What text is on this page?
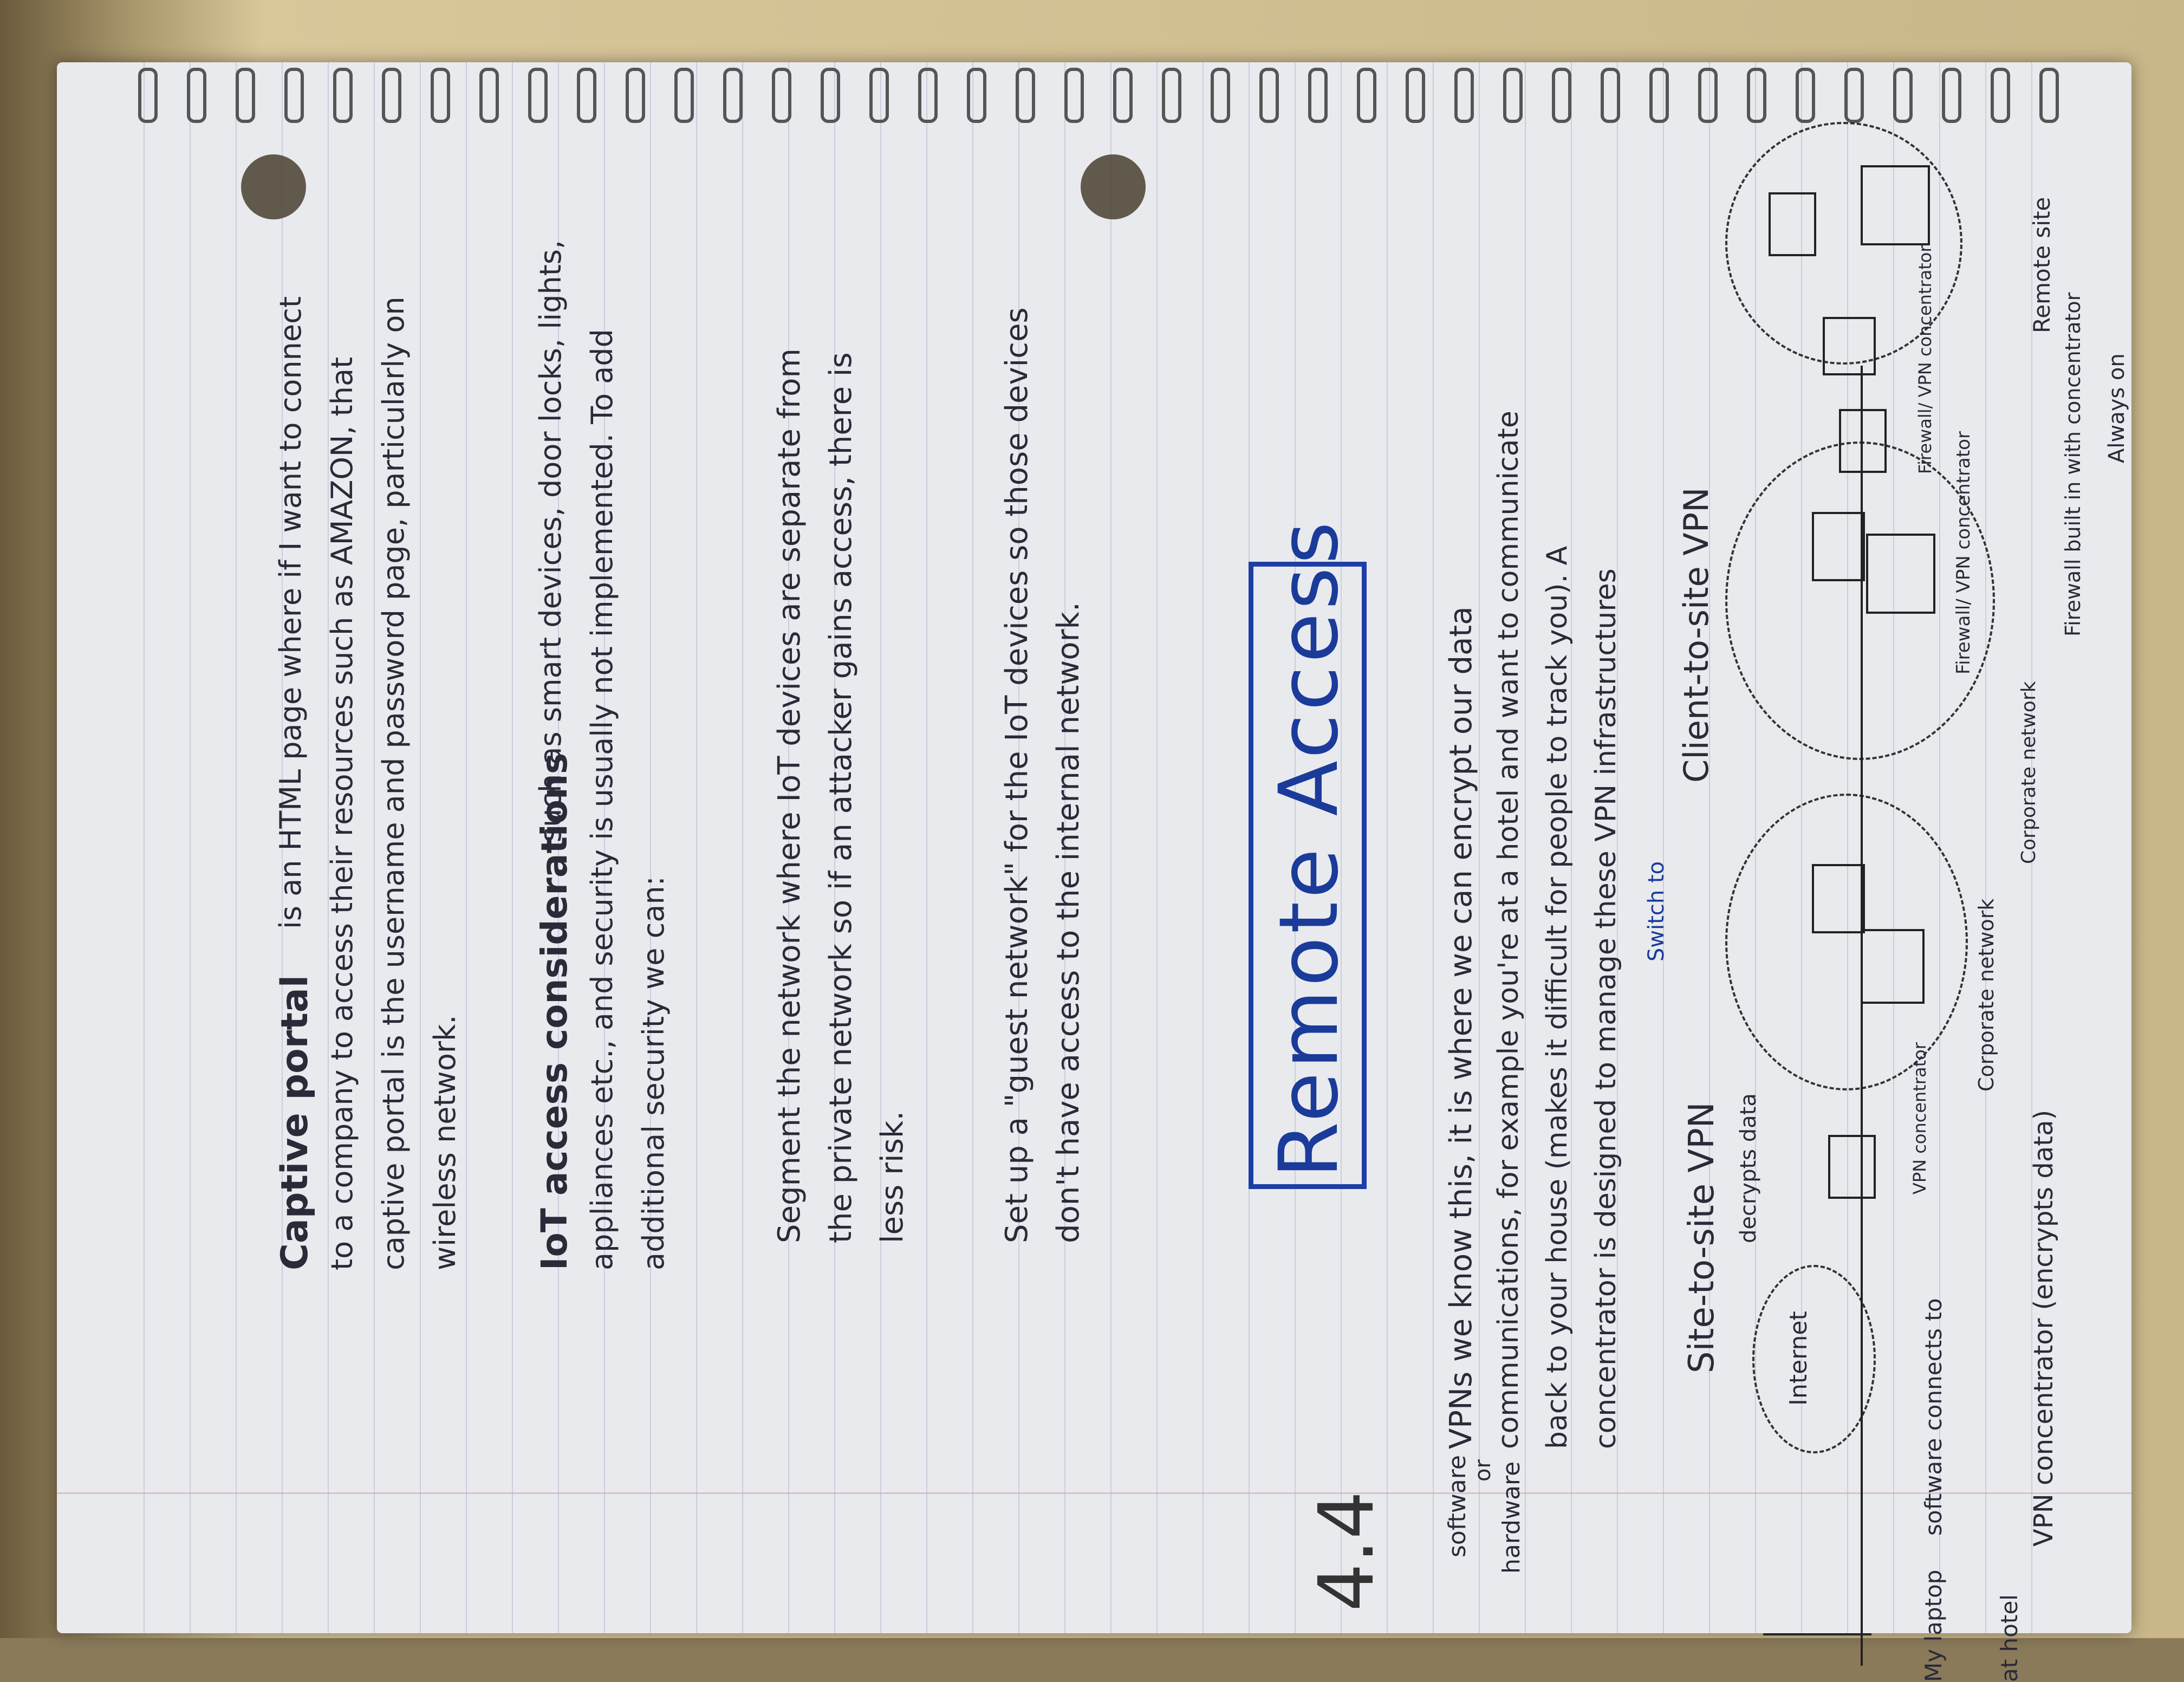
Captive portal
is an HTML page where if I want to connect to a company to access their resources such as AMAZON, that captive portal is the username and password page, particularly on wireless network. IoT access considerations
such as smart devices, door locks, lights, appliances etc., and security is usually not implemented. To add additional security we can:	Segment the network where IoT devices are separate from the private network so if an attacker gains access, there is less risk.	Set up a "guest network" for the IoT devices so those devices don't have access to the internal network. Remote Access
4.4 software or hardware
VPNs we know this, it is where we can encrypt our data communications, for example you're at a hotel and want to communicate back to your house (makes it difficult for people to track you). A concentrator is designed to manage these VPN infrastructures Site-to-site VPN
Switch to
Client-to-site VPN
Internet
decrypts data	VPN concentrator
Corporate network
Corporate network
Firewall/ VPN concentrator
Firewall/ VPN concentrator	Remote site
Firewall built in with concentrator Always on
My laptop at hotel
software connects to	VPN concentrator (encrypts data)
